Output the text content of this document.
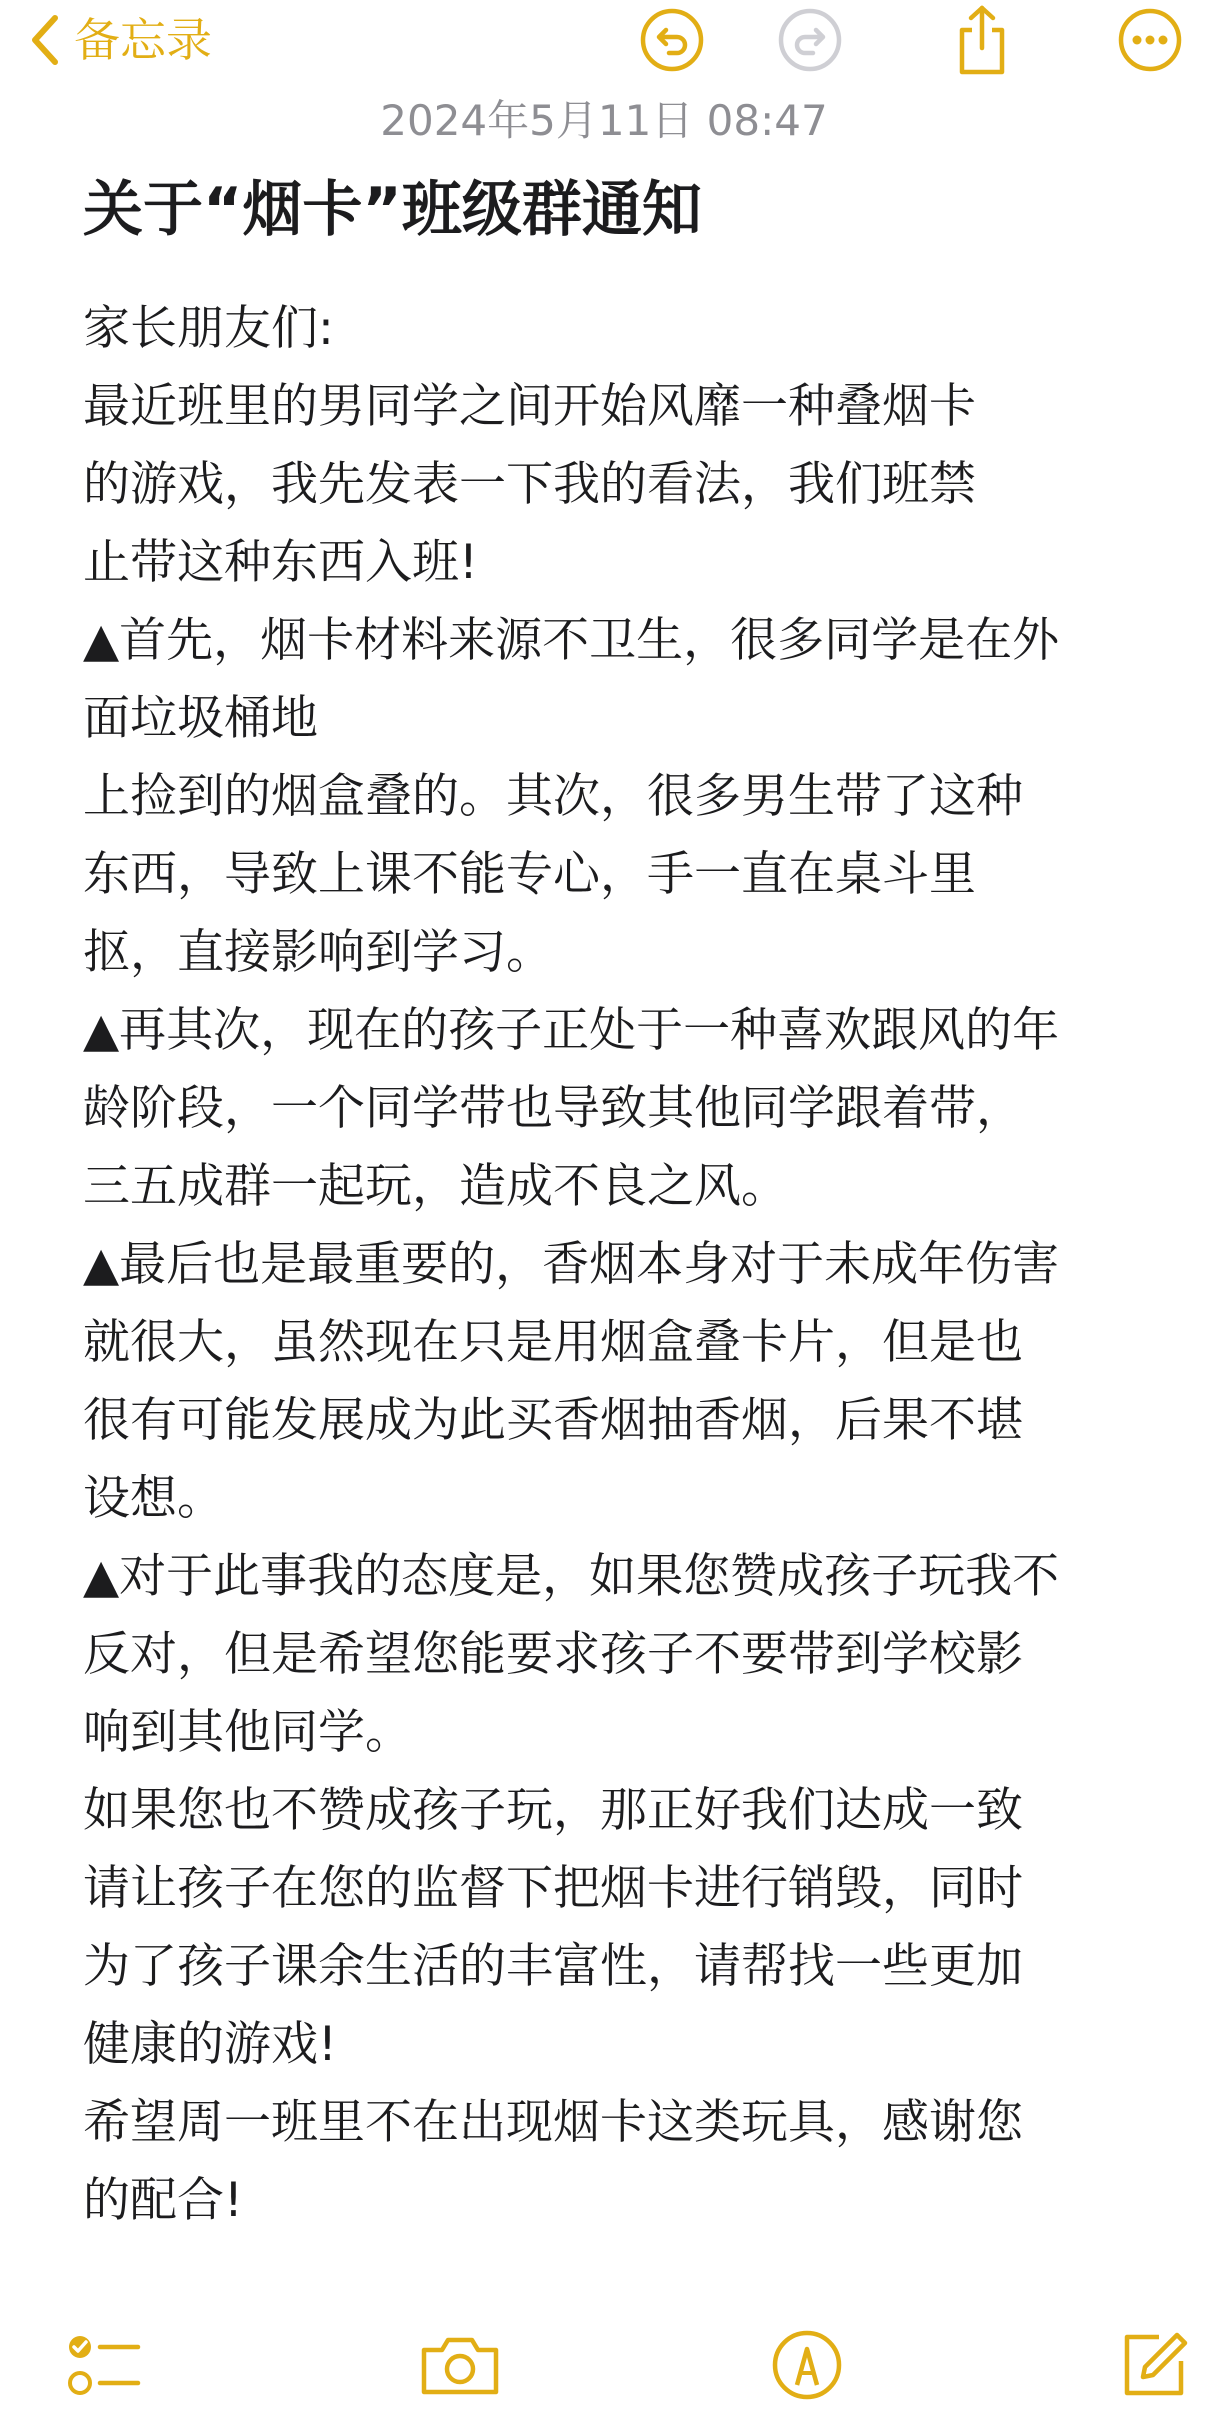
备忘录
2024年5月11日 08:47
关于“烟卡”班级群通知
家长朋友们:
最近班里的男同学之间开始风靡一种叠烟卡
的游戏，我先发表一下我的看法，我们班禁
止带这种东西入班!
▲首先，烟卡材料来源不卫生，很多同学是在外
面垃圾桶地
上捡到的烟盒叠的。其次，很多男生带了这种
东西，导致上课不能专心，手一直在桌斗里
抠，直接影响到学习。
▲再其次，现在的孩子正处于一种喜欢跟风的年
龄阶段，一个同学带也导致其他同学跟着带，
三五成群一起玩，造成不良之风。
▲最后也是最重要的，香烟本身对于未成年伤害
就很大，虽然现在只是用烟盒叠卡片，但是也
很有可能发展成为此买香烟抽香烟，后果不堪
设想。
▲对于此事我的态度是，如果您赞成孩子玩我不
反对，但是希望您能要求孩子不要带到学校影
响到其他同学。
如果您也不赞成孩子玩，那正好我们达成一致
请让孩子在您的监督下把烟卡进行销毁，同时
为了孩子课余生活的丰富性，请帮找一些更加
健康的游戏!
希望周一班里不在出现烟卡这类玩具，感谢您
的配合!
